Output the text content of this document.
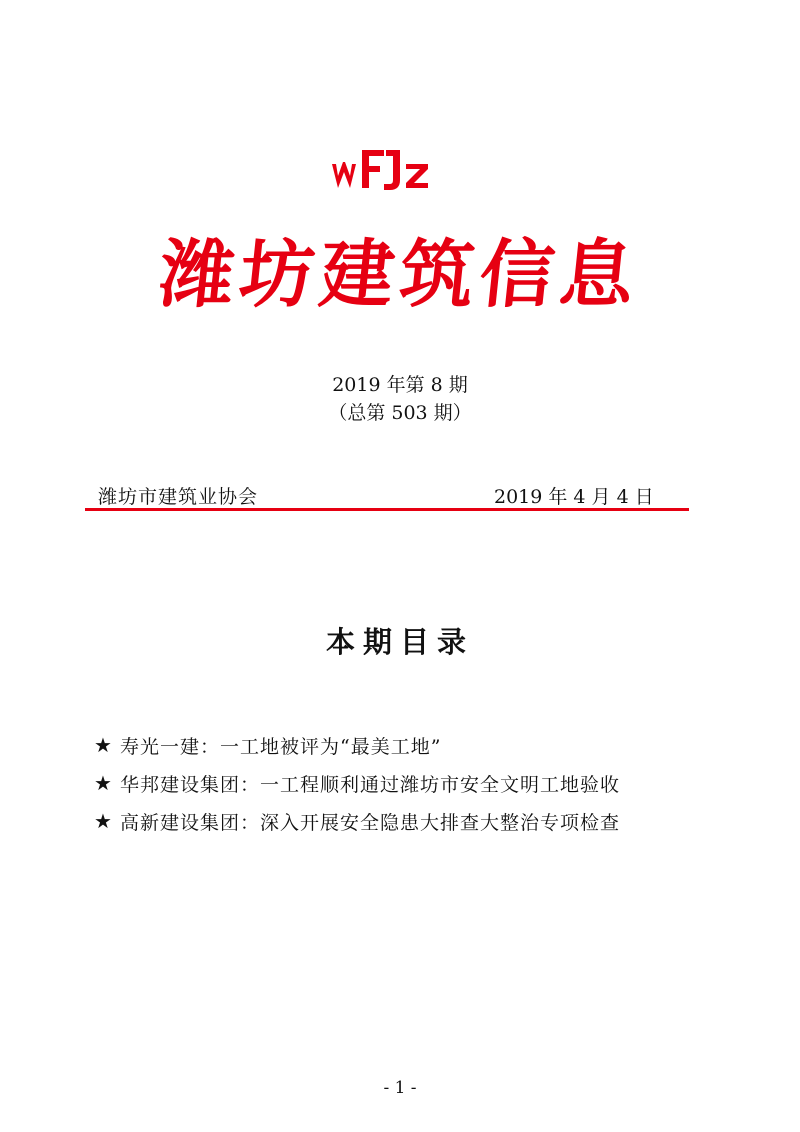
潍坊建筑信息
2019 年第 8 期
（总第 503 期）
潍坊市建筑业协会	2019 年 4 月 4 日
本期目录
★ 寿光一建 ： 一工地被评为“最美工地”
★ 华邦建设集团 ： 一工程顺利通过潍坊市安全文明工地验收
★ 高新建设集团 ： 深入开展安全隐患大排查大整治专项检查
- 1 -
